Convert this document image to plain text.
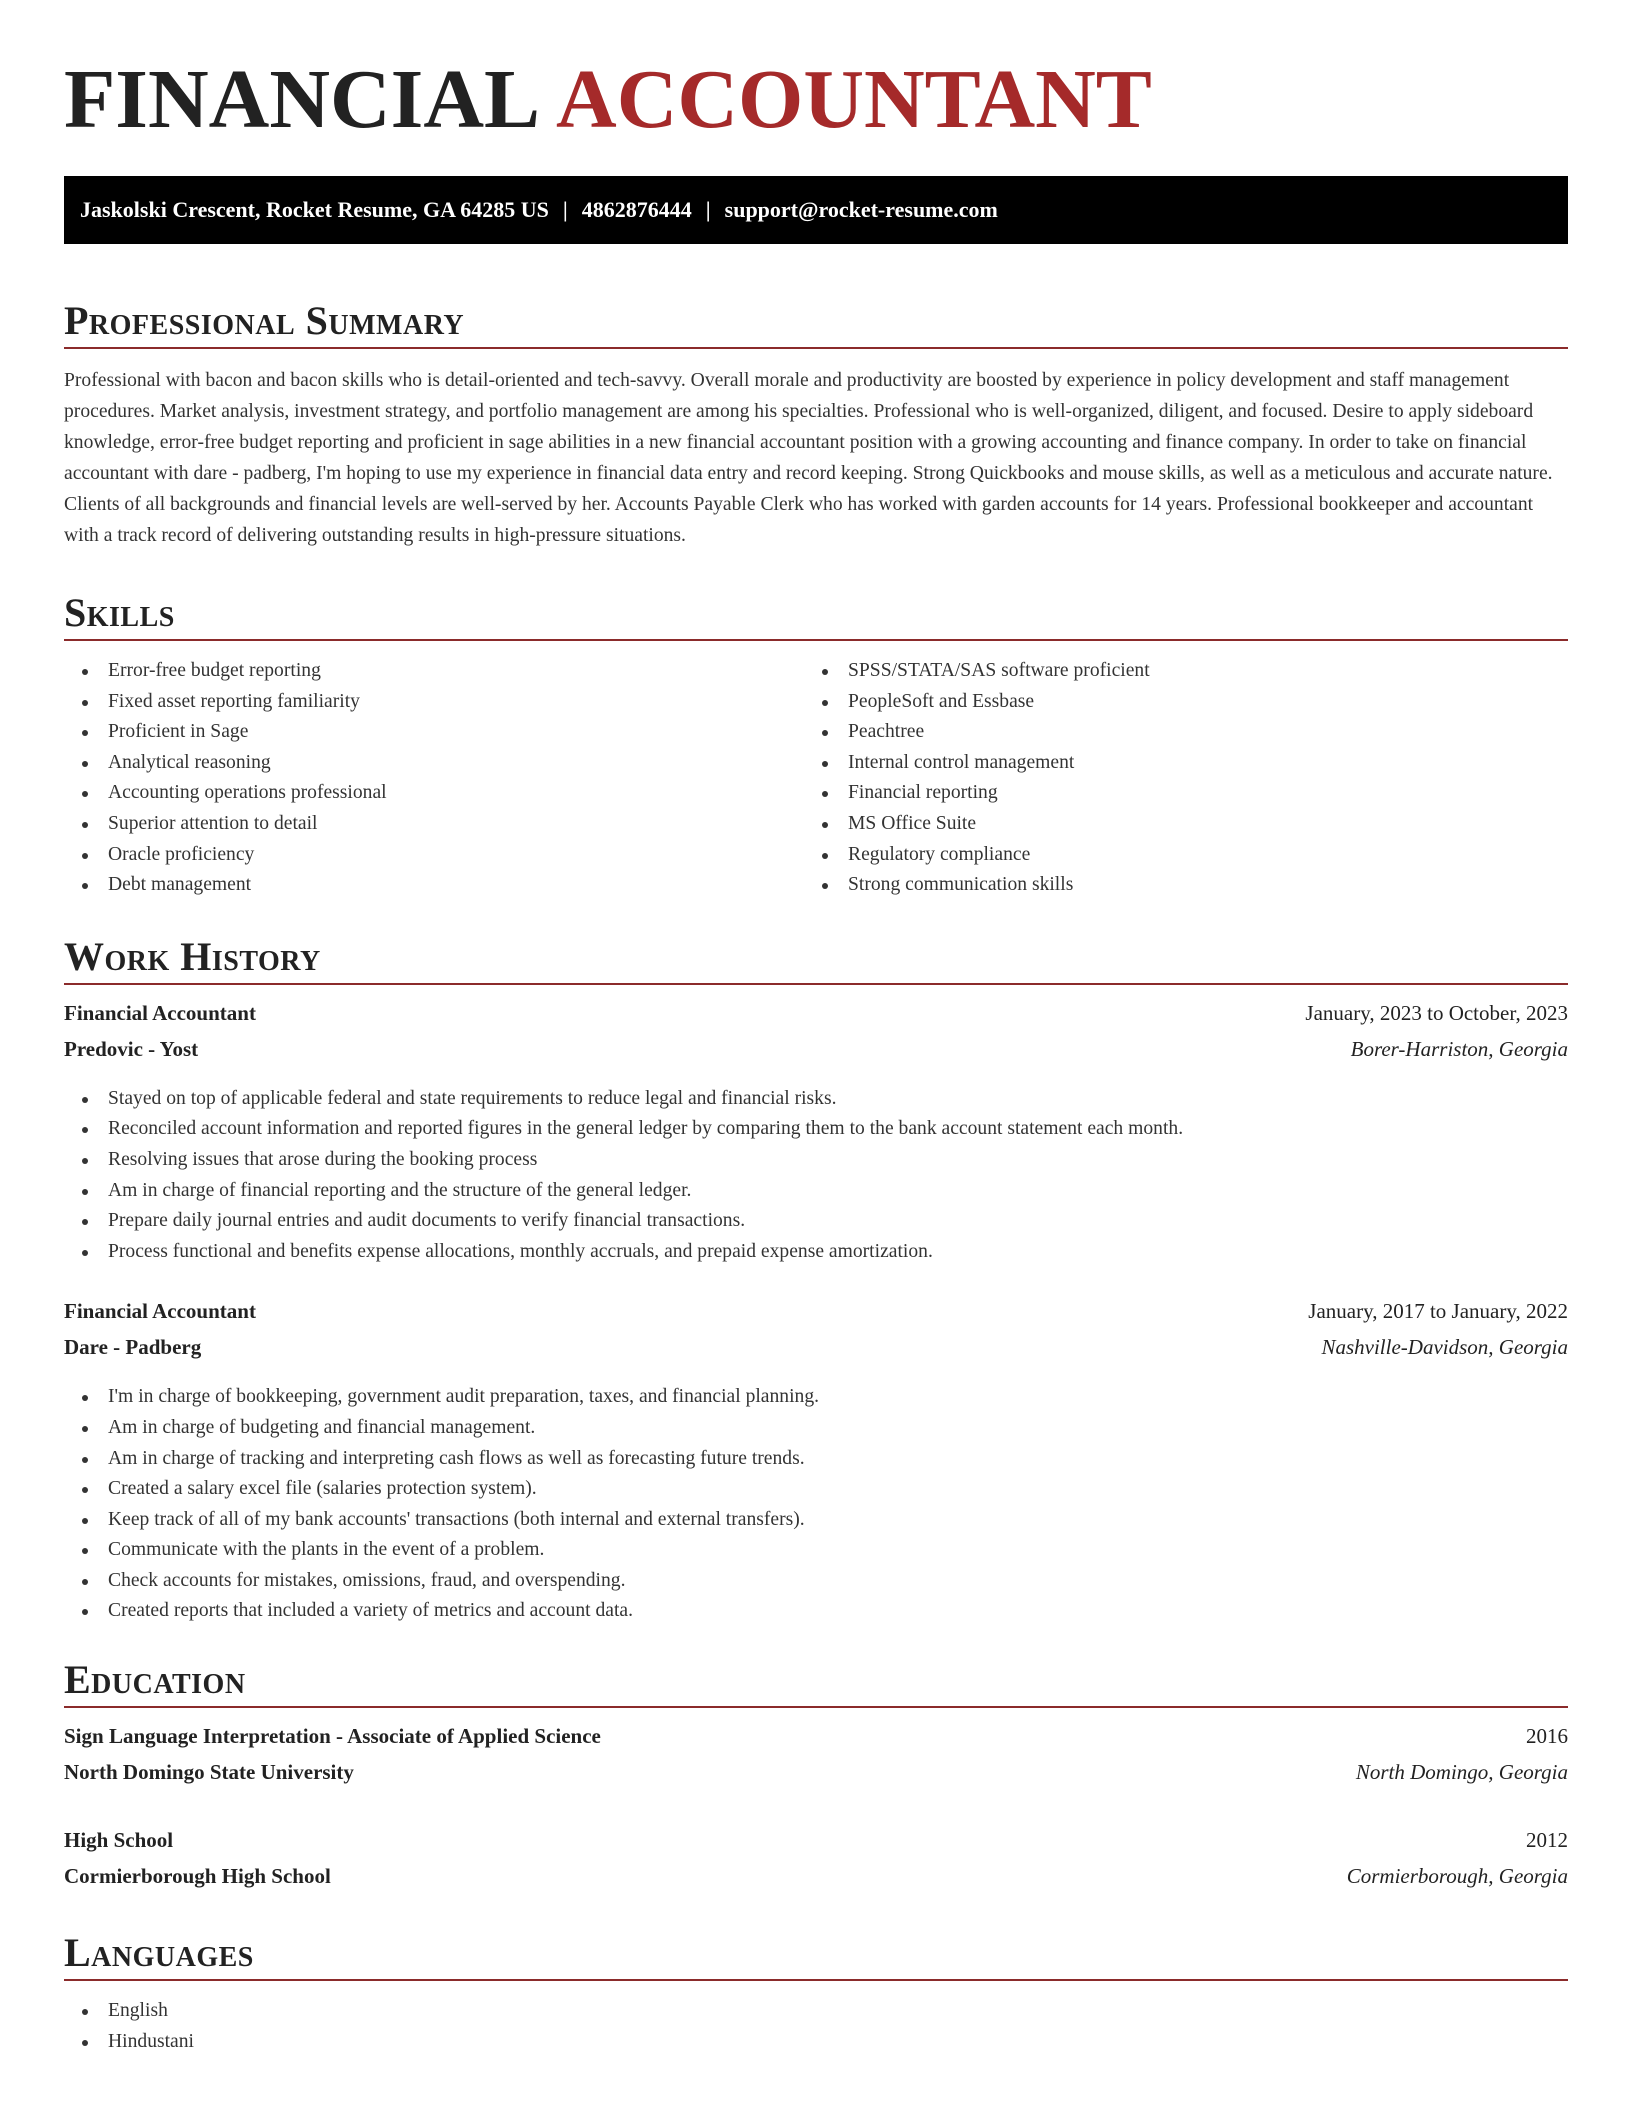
FINANCIAL ACCOUNTANT
Jaskolski Crescent, Rocket Resume, GA 64285 US | 4862876444 | support@rocket-resume.com
Professional Summary

Professional with bacon and bacon skills who is detail-oriented and tech-savvy. Overall morale and productivity are boosted by experience in policy development and staff management procedures. Market analysis, investment strategy, and portfolio management are among his specialties. Professional who is well-organized, diligent, and focused. Desire to apply sideboard knowledge, error-free budget reporting and proficient in sage abilities in a new financial accountant position with a growing accounting and finance company. In order to take on financial accountant with dare - padberg, I'm hoping to use my experience in financial data entry and record keeping. Strong Quickbooks and mouse skills, as well as a meticulous and accurate nature. Clients of all backgrounds and financial levels are well-served by her. Accounts Payable Clerk who has worked with garden accounts for 14 years. Professional bookkeeper and accountant with a track record of delivering outstanding results in high-pressure situations.

Skills
Error-free budget reporting
Fixed asset reporting familiarity
Proficient in Sage
Analytical reasoning
Accounting operations professional
Superior attention to detail
Oracle proficiency
Debt management
SPSS/STATA/SAS software proficient
PeopleSoft and Essbase
Peachtree
Internal control management
Financial reporting
MS Office Suite
Regulatory compliance
Strong communication skills
Work History
Financial Accountant	January, 2023 to October, 2023
Predovic - Yost	Borer-Harriston, Georgia
Stayed on top of applicable federal and state requirements to reduce legal and financial risks.
Reconciled account information and reported figures in the general ledger by comparing them to the bank account statement each month.
Resolving issues that arose during the booking process
Am in charge of financial reporting and the structure of the general ledger.
Prepare daily journal entries and audit documents to verify financial transactions.
Process functional and benefits expense allocations, monthly accruals, and prepaid expense amortization.
Financial Accountant	January, 2017 to January, 2022
Dare - Padberg	Nashville-Davidson, Georgia
I'm in charge of bookkeeping, government audit preparation, taxes, and financial planning.
Am in charge of budgeting and financial management.
Am in charge of tracking and interpreting cash flows as well as forecasting future trends.
Created a salary excel file (salaries protection system).
Keep track of all of my bank accounts' transactions (both internal and external transfers).
Communicate with the plants in the event of a problem.
Check accounts for mistakes, omissions, fraud, and overspending.
Created reports that included a variety of metrics and account data.
Education
Sign Language Interpretation - Associate of Applied Science	2016
North Domingo State University	North Domingo, Georgia
High School	2012
Cormierborough High School	Cormierborough, Georgia
Languages
English
Hindustani
